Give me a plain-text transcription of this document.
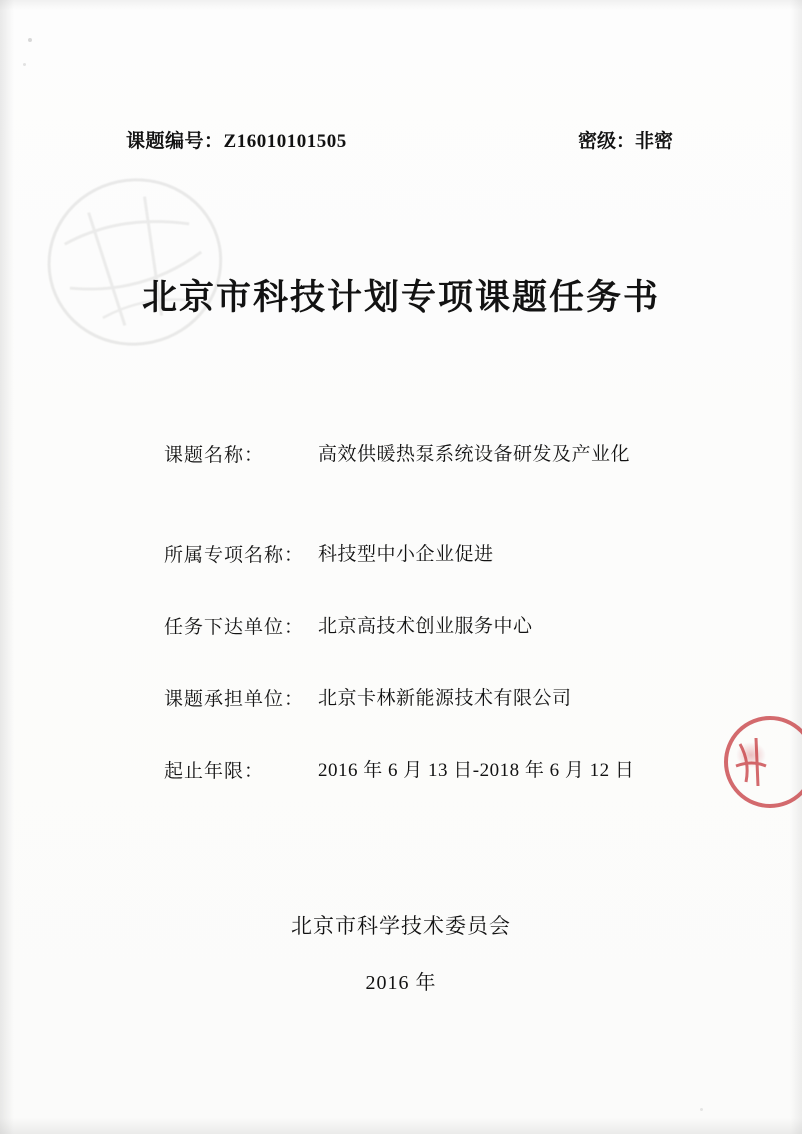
课题编号：Z16010101505	密级：非密
北京市科技计划专项课题任务书
课题名称：	高效供暖热泵系统设备研发及产业化
所属专项名称： 科技型中小企业促进
任务下达单位： 北京高技术创业服务中心
课题承担单位： 北京卡林新能源技术有限公司
起止年限：	2016 年 6 月 13 日-2018 年 6 月 12 日
北京市科学技术委员会
2016 年
